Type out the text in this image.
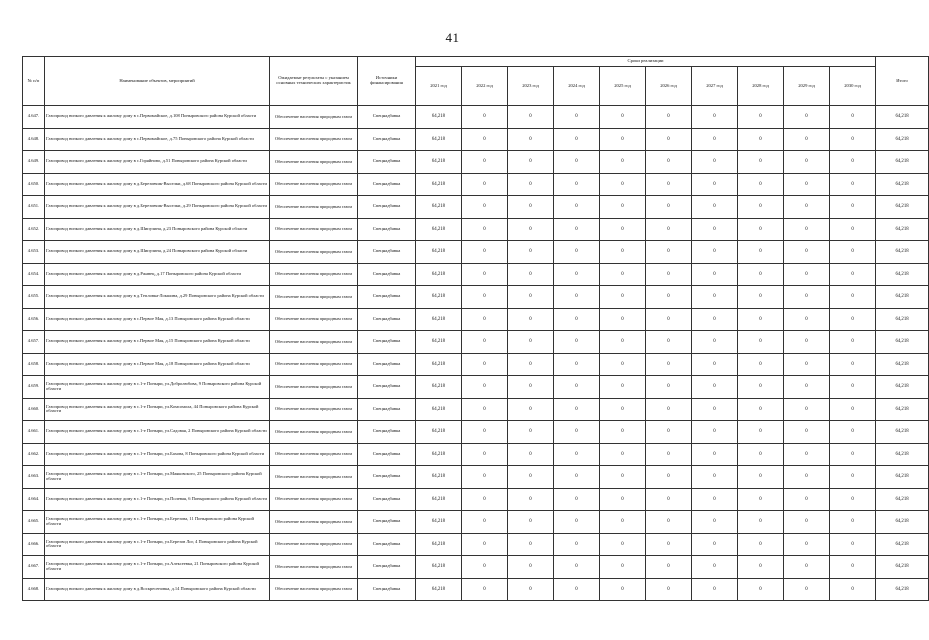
41
№ п/п	Наименование объектов, мероприятий	Ожидаемые результаты с указанием основных технических характеристик	Источники финансирования	Сроки реализации										Итого
				2021 год	2022 год	2023 год	2024 год	2025 год	2026 год	2027 год	2028 год	2029 год	2030 год	
4.647.	Газопровод низкого давления к жилому дому в с.Первомайское, д.108 Поныровского района Курской области	Обеспечение населения природным газом	Спецнадбавка	64,218	0	0	0	0	0	0	0	0	0	64,218
4.648.	Газопровод низкого давления к жилому дому в с.Первомайское, д.75 Поныровского района Курской области	Обеспечение населения природным газом	Спецнадбавка	64,218	0	0	0	0	0	0	0	0	0	64,218
4.649.	Газопровод низкого давления к жилому дому в с.Горяйново, д.51 Поныровского района Курской области	Обеспечение населения природным газом	Спецнадбавка	64,218	0	0	0	0	0	0	0	0	0	64,218
4.650.	Газопровод низкого давления к жилому дому в д.Березовчик-Выселки, д.68 Поныровского района Курской области	Обеспечение населения природным газом	Спецнадбавка	64,218	0	0	0	0	0	0	0	0	0	64,218
4.651.	Газопровод низкого давления к жилому дому в д.Березовчик-Выселки, д.29 Поныровского района Курской области	Обеспечение населения природным газом	Спецнадбавка	64,218	0	0	0	0	0	0	0	0	0	64,218
4.652.	Газопровод низкого давления к жилому дому в д.Шипулина, д.23 Поныровского района Курской области	Обеспечение населения природным газом	Спецнадбавка	64,218	0	0	0	0	0	0	0	0	0	64,218
4.653.	Газопровод низкого давления к жилому дому в д.Шипулина, д.24 Поныровского района Курской области	Обеспечение населения природным газом	Спецнадбавка	64,218	0	0	0	0	0	0	0	0	0	64,218
4.654.	Газопровод низкого давления к жилому дому в д.Ржавец, д.17 Поныровского района Курской области	Обеспечение населения природным газом	Спецнадбавка	64,218	0	0	0	0	0	0	0	0	0	64,218
4.655.	Газопровод низкого давления к жилому дому в д.Тепловка-Локшина, д.29 Поныровского района Курской области	Обеспечение населения природным газом	Спецнадбавка	64,218	0	0	0	0	0	0	0	0	0	64,218
4.656.	Газопровод низкого давления к жилому дому в с.Первое Мая, д.13 Поныровского района Курской области	Обеспечение населения природным газом	Спецнадбавка	64,218	0	0	0	0	0	0	0	0	0	64,218
4.657.	Газопровод низкого давления к жилому дому в с.Первое Мая, д.15 Поныровского района Курской области	Обеспечение населения природным газом	Спецнадбавка	64,218	0	0	0	0	0	0	0	0	0	64,218
4.658.	Газопровод низкого давления к жилому дому в с.Первое Мая, д.18 Поныровского района Курской области	Обеспечение населения природным газом	Спецнадбавка	64,218	0	0	0	0	0	0	0	0	0	64,218
4.659.	Газопровод низкого давления к жилому дому в с.1-е Поныри, ул.Добролюбова, 9 Поныровского района Курской области	Обеспечение населения природным газом	Спецнадбавка	64,218	0	0	0	0	0	0	0	0	0	64,218
4.660.	Газопровод низкого давления к жилому дому в с.1-е Поныри, ул.Комсомола, 44 Поныровского района Курской области	Обеспечение населения природным газом	Спецнадбавка	64,218	0	0	0	0	0	0	0	0	0	64,218
4.661.	Газопровод низкого давления к жилому дому в с.1-е Поныри, ул.Садовая, 2 Поныровского района Курской области	Обеспечение населения природным газом	Спецнадбавка	64,218	0	0	0	0	0	0	0	0	0	64,218
4.662.	Газопровод низкого давления к жилому дому в с.1-е Поныри, ул.Бахова, 8 Поныровского района Курской области	Обеспечение населения природным газом	Спецнадбавка	64,218	0	0	0	0	0	0	0	0	0	64,218
4.663.	Газопровод низкого давления к жилому дому в с.1-е Поныри, ул.Маяковского, 25 Поныровского района Курской области	Обеспечение населения природным газом	Спецнадбавка	64,218	0	0	0	0	0	0	0	0	0	64,218
4.664.	Газопровод низкого давления к жилому дому в с.1-е Поныри, ул.Полевая, 6 Поныровского района Курской области	Обеспечение населения природным газом	Спецнадбавка	64,218	0	0	0	0	0	0	0	0	0	64,218
4.665.	Газопровод низкого давления к жилому дому в с.1-е Поныри, ул.Березова, 11 Поныровского района Курской области	Обеспечение населения природным газом	Спецнадбавка	64,218	0	0	0	0	0	0	0	0	0	64,218
4.666.	Газопровод низкого давления к жилому дому в с.1-е Поныри, ул.Березов Лог, 4 Поныровского района Курской области	Обеспечение населения природным газом	Спецнадбавка	64,218	0	0	0	0	0	0	0	0	0	64,218
4.667.	Газопровод низкого давления к жилому дому в с.1-е Поныри, ул.Алексеевка, 21 Поныровского района Курской области	Обеспечение населения природным газом	Спецнадбавка	64,218	0	0	0	0	0	0	0	0	0	64,218
4.668.	Газопровод низкого давления к жилому дому в д.Воскресеновка, д.14 Поныровского района Курской области	Обеспечение населения природным газом	Спецнадбавка	64,218	0	0	0	0	0	0	0	0	0	64,218
